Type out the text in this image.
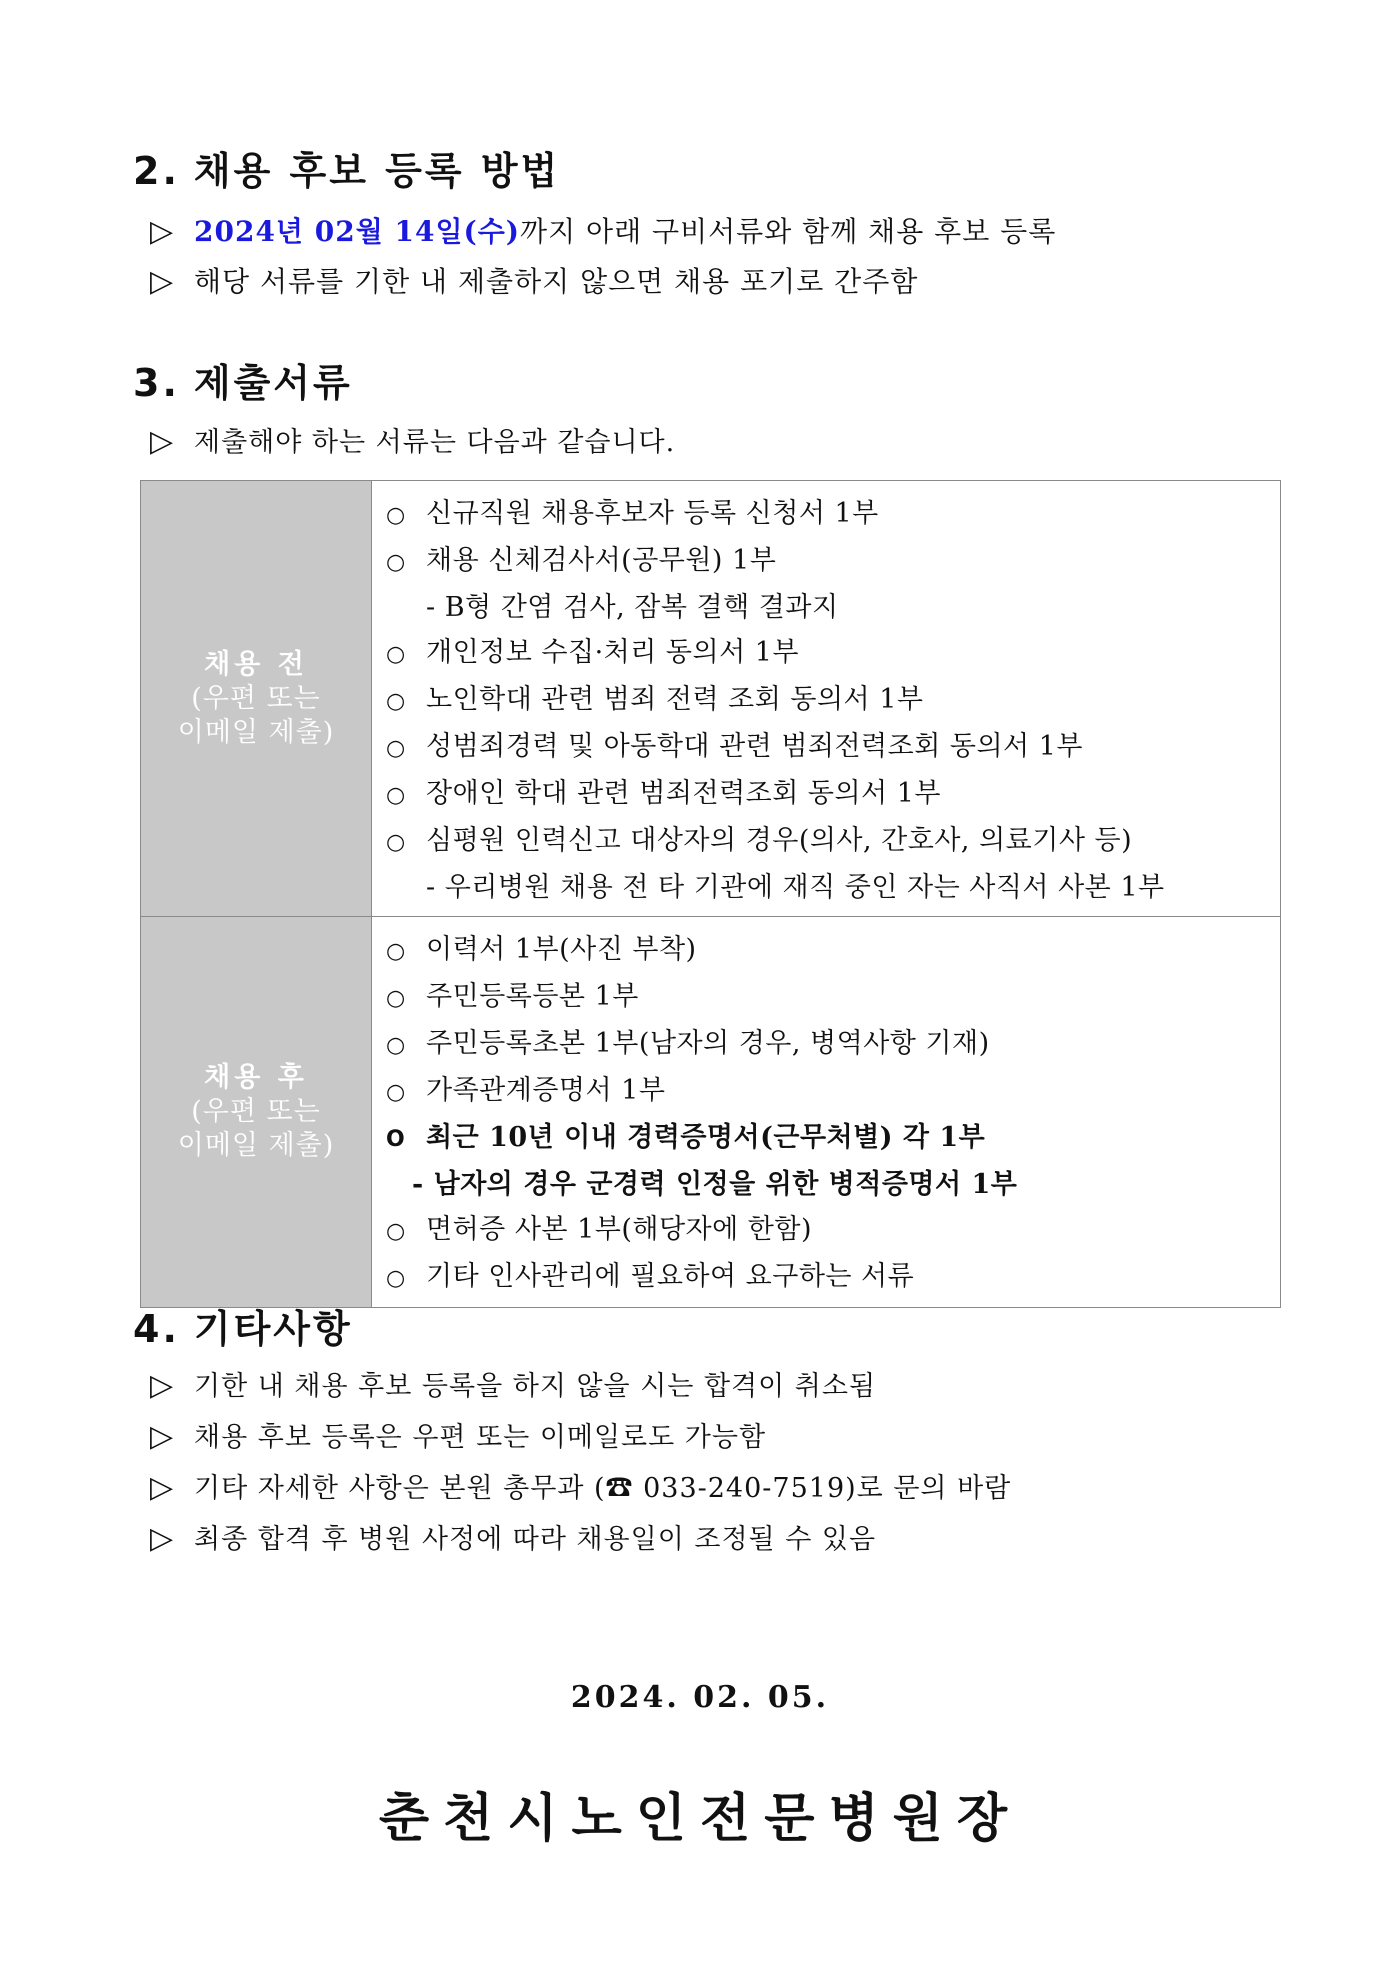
2. 채용 후보 등록 방법
▷ 2024년 02월 14일(수)까지 아래 구비서류와 함께 채용 후보 등록
▷ 해당 서류를 기한 내 제출하지 않으면 채용 포기로 간주함
3. 제출서류
▷ 제출해야 하는 서류는 다음과 같습니다.
채용 전
(우편 또는
이메일 제출)
○ 신규직원 채용후보자 등록 신청서 1부
○ 채용 신체검사서(공무원) 1부
- B형 간염 검사, 잠복 결핵 결과지
○ 개인정보 수집·처리 동의서 1부
○ 노인학대 관련 범죄 전력 조회 동의서 1부
○ 성범죄경력 및 아동학대 관련 범죄전력조회 동의서 1부
○ 장애인 학대 관련 범죄전력조회 동의서 1부
○ 심평원 인력신고 대상자의 경우(의사, 간호사, 의료기사 등)
- 우리병원 채용 전 타 기관에 재직 중인 자는 사직서 사본 1부
채용 후
(우편 또는
이메일 제출)
○ 이력서 1부(사진 부착)
○ 주민등록등본 1부
○ 주민등록초본 1부(남자의 경우, 병역사항 기재)
○ 가족관계증명서 1부
O 최근 10년 이내 경력증명서(근무처별) 각 1부
- 남자의 경우 군경력 인정을 위한 병적증명서 1부
○ 면허증 사본 1부(해당자에 한함)
○ 기타 인사관리에 필요하여 요구하는 서류
4. 기타사항
▷ 기한 내 채용 후보 등록을 하지 않을 시는 합격이 취소됨
▷ 채용 후보 등록은 우편 또는 이메일로도 가능함
▷ 기타 자세한 사항은 본원 총무과 (☎ 033-240-7519)로 문의 바람
▷ 최종 합격 후 병원 사정에 따라 채용일이 조정될 수 있음
2024. 02. 05.
춘천시노인전문병원장
